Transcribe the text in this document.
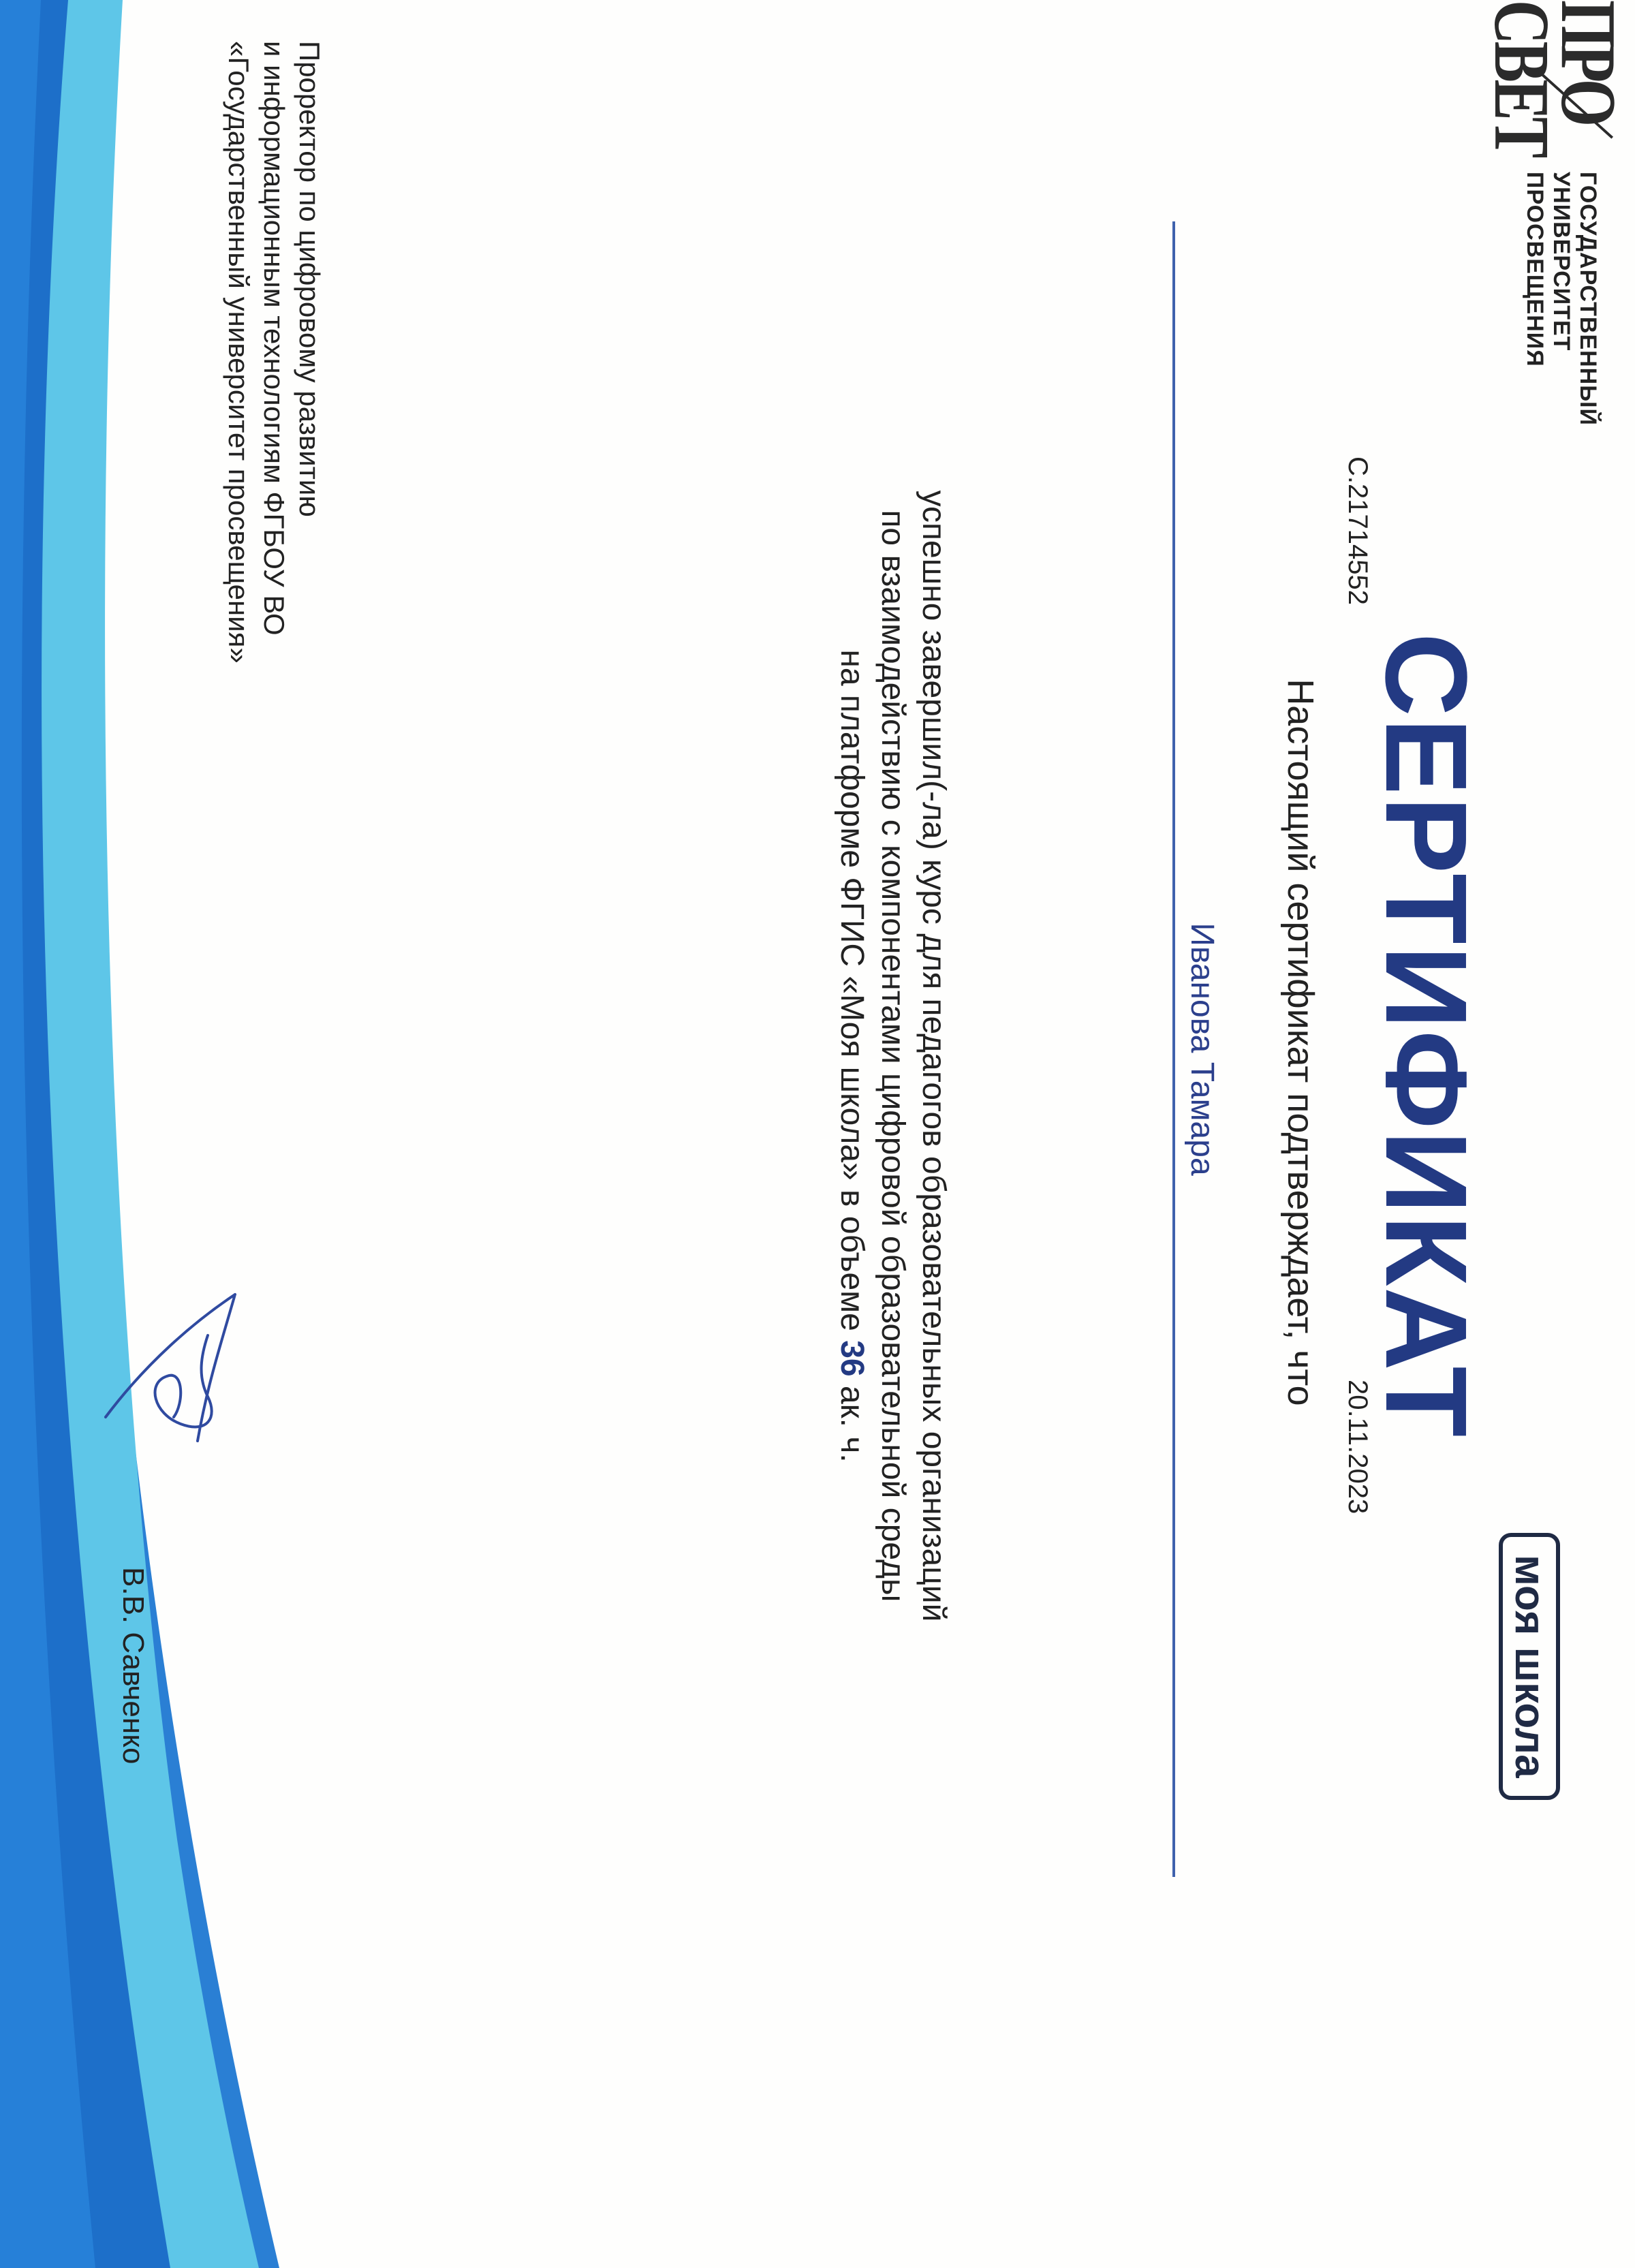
ПРО
СВЕТ
ГОСУДАРСТВЕННЫЙ
УНИВЕРСИТЕТ
ПРОСВЕЩЕНИЯ
моя школа
СЕРТИФИКАТ
С.21714552
20.11.2023
Настоящий сертификат подтверждает, что
Иванова Тамара
успешно завершил(-ла) курс для педагогов образовательных организаций
по взаимодействию с компонентами цифровой образовательной среды
на платформе ФГИС «Моя школа» в объеме 36 ак. ч.
Проректор по цифровому развитию
и информационным технологиям ФГБОУ ВО
«Государственный университет просвещения»
В.В. Савченко
